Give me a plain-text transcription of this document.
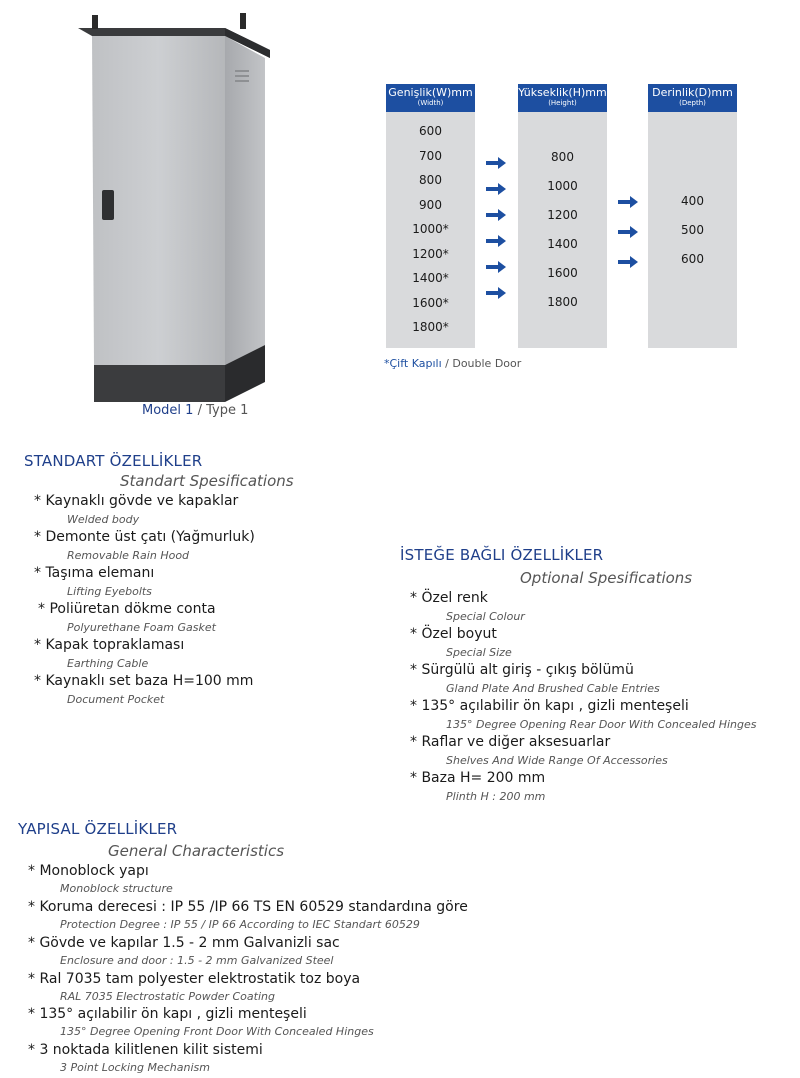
Model 1 / Type 1
Genişlik(W)mm
(Width)
600
700
800
900
1000*
1200*
1400*
1600*
1800*
Yükseklik(H)mm
(Height)
800
1000
1200
1400
1600
1800
Derinlik(D)mm
(Depth)
400
500
600
*Çift Kapılı / Double Door
STANDART ÖZELLİKLER
Standart Spesifications
* Kaynaklı gövde ve kapaklar
Welded body
* Demonte üst çatı (Yağmurluk)
Removable Rain Hood
* Taşıma elemanı
Lifting Eyebolts
* Poliüretan dökme conta
Polyurethane Foam Gasket
* Kapak topraklaması
Earthing Cable
* Kaynaklı set baza H=100 mm
Document Pocket
İSTEĞE BAĞLI ÖZELLİKLER
Optional Spesifications
* Özel renk
Special Colour
* Özel boyut
Special Size
* Sürgülü alt giriş - çıkış bölümü
Gland Plate And Brushed Cable Entries
* 135° açılabilir ön kapı , gizli menteşeli
135° Degree Opening Rear Door With Concealed Hinges
* Raflar ve diğer aksesuarlar
Shelves And Wide Range Of Accessories
* Baza H= 200 mm
Plinth H : 200 mm
YAPISAL ÖZELLİKLER
General Characteristics
* Monoblock yapı
Monoblock structure
* Koruma derecesi : IP 55 /IP 66 TS EN 60529 standardına göre
Protection Degree : IP 55 / IP 66 According to IEC Standart 60529
* Gövde ve kapılar 1.5 - 2 mm Galvanizli sac
Enclosure and door : 1.5 - 2 mm Galvanized Steel
* Ral 7035 tam polyester elektrostatik toz boya
RAL 7035 Electrostatic Powder Coating
* 135° açılabilir ön kapı , gizli menteşeli
135° Degree Opening Front Door With Concealed Hinges
* 3 noktada kilitlenen kilit sistemi
3 Point Locking Mechanism
